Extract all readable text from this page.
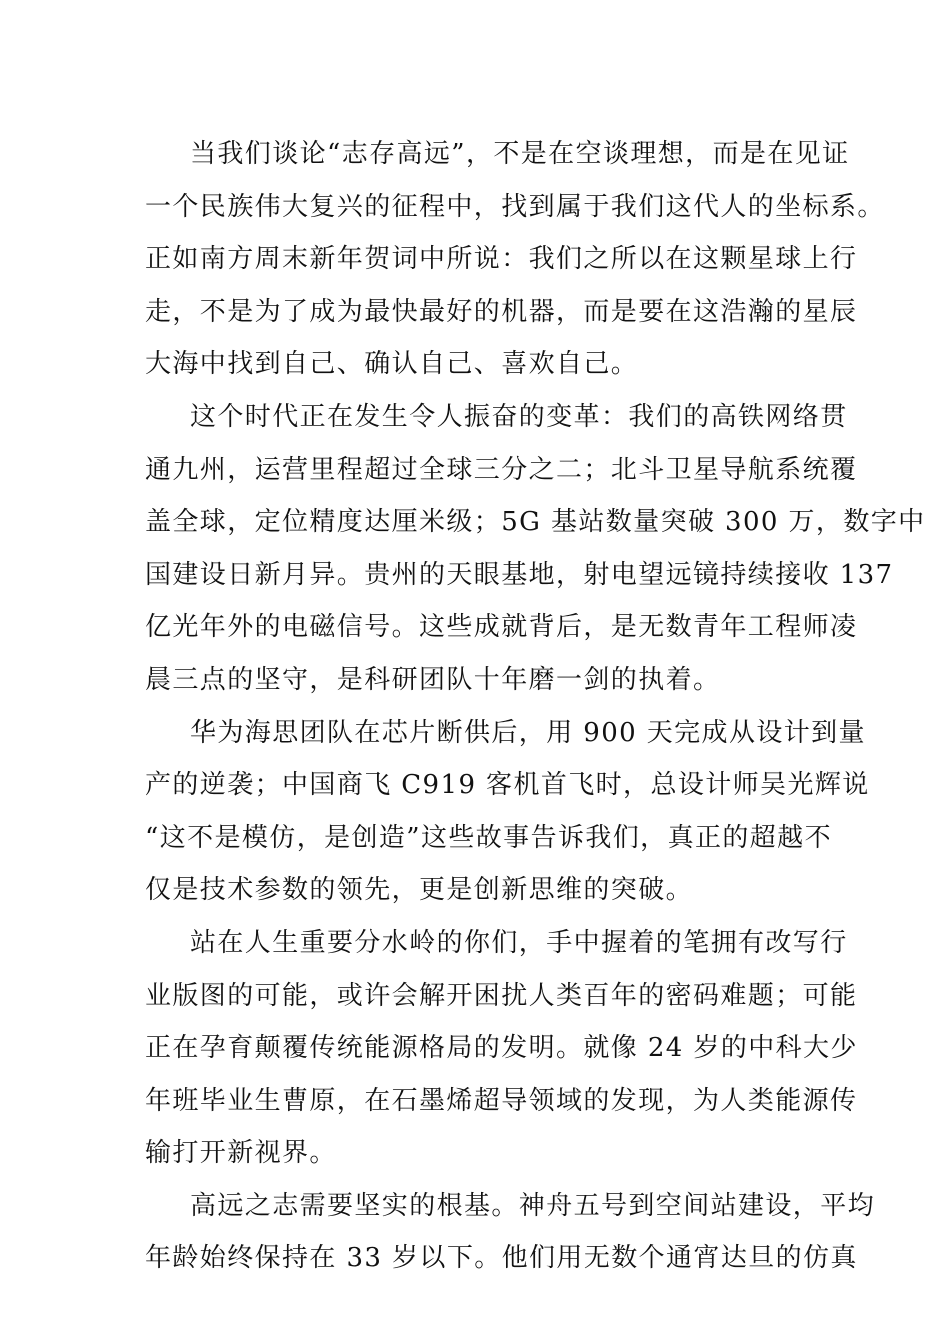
当我们谈论“志存高远”，不是在空谈理想，而是在见证
一个民族伟大复兴的征程中，找到属于我们这代人的坐标系。
正如南方周末新年贺词中所说：我们之所以在这颗星球上行
走，不是为了成为最快最好的机器，而是要在这浩瀚的星辰
大海中找到自己、确认自己、喜欢自己。
这个时代正在发生令人振奋的变革：我们的高铁网络贯
通九州，运营里程超过全球三分之二；北斗卫星导航系统覆
盖全球，定位精度达厘米级；5G 基站数量突破 300 万，数字中
国建设日新月异。贵州的天眼基地，射电望远镜持续接收 137
亿光年外的电磁信号。这些成就背后，是无数青年工程师凌
晨三点的坚守，是科研团队十年磨一剑的执着。
华为海思团队在芯片断供后，用 900 天完成从设计到量
产的逆袭；中国商飞 C919 客机首飞时，总设计师吴光辉说
“这不是模仿，是创造”这些故事告诉我们，真正的超越不
仅是技术参数的领先，更是创新思维的突破。
站在人生重要分水岭的你们，手中握着的笔拥有改写行
业版图的可能，或许会解开困扰人类百年的密码难题；可能
正在孕育颠覆传统能源格局的发明。就像 24 岁的中科大少
年班毕业生曹原，在石墨烯超导领域的发现，为人类能源传
输打开新视界。
高远之志需要坚实的根基。神舟五号到空间站建设，平均
年龄始终保持在 33 岁以下。他们用无数个通宵达旦的仿真
